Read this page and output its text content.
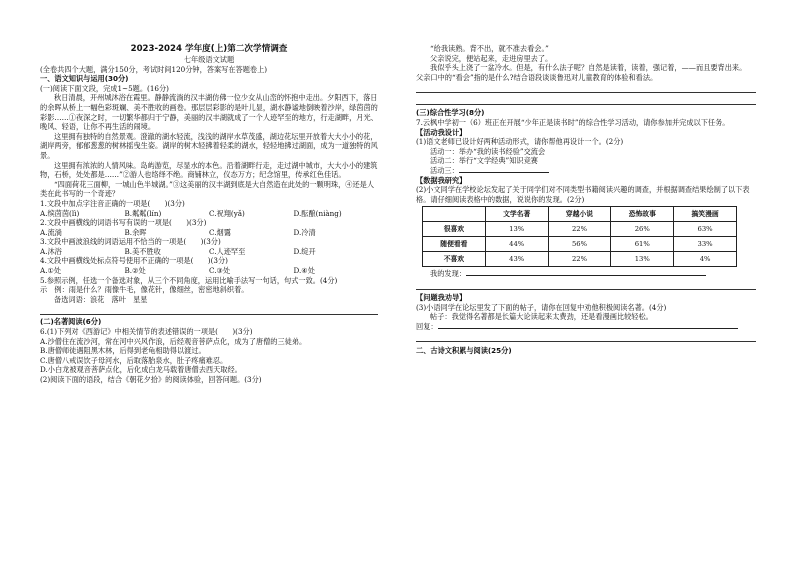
2023-2024 学年度(上)第二次学情调查
七年级语文试题
(全卷共四个大题，满分150分，考试时间120分钟，答案写在答题卷上)
一、语文知识与运用(30分)
(一)阅读下面文段，完成1~5题。(16分)
秋日清晨，开州城沐浴在霞里。静静流淌的汉丰湖仿佛一位少女从山峦的怀抱中走出。夕阳西下，落日的余晖从桥上一幅色彩斑斓、美不胜收的画卷。那层层彩影的是叶儿显，湖水静谧地倒映着沙岸，绿茵茵的彩影……①夜深之时，一切繁华都归于宁静，美丽的汉丰湖就成了一个人迹罕至的地方，行走湖畔，月光、晚风、轻语，让你不再生活的闹境。
这里拥有独特的自然景观。澄澈的湖水轻流，浅浅的湖岸水草茂盛，湖边花坛里开放着大大小小的花，湖岸两旁，郁郁葱葱的树林摇曳生姿。湖岸的树木轻拂着轻柔的湖水，轻轻地拂过湖面，成为一道独特的风景。
这里拥有浓浓的人情风味。岛屿游览，尽显水的本色。沿着湖畔行走，走过湖中城市，大大小小的建筑物，石桥，处处都是……”②游人也络绎不绝。商铺林立，仪态万方；纪念馆里，传承红色佳话。
“四面荷花三面柳，一城山色半城湖。”③这美丽的汉丰湖到底是大自然造在此处的一颗明珠，④还是人类在此书写的一个奇迹？
1.文段中加点字注音正确的一项是(　　)(3分)
A.缤茵茵(lì)	B.粼粼(lín)	C.祝翔(yǎ)	D.酝酿(niàng)
2.文段中画横线的词语书写有误的一项是(　　)(3分)
A.流淌	B.余晖	C.烟霭	D.冷清
3.文段中画波浪线的词语运用不恰当的一项是(　　)(3分)
A.沐浴	B.美不胜收	C.人迹罕至	D.绽开
4.文段中画横线处标点符号使用不正确的一项是(　　)(3分)
A.①处	B.②处	C.③处	D.④处
5.参照示例，任选一个备选对象，从三个不同角度，运用比喻手法写一句话，句式一致。(4分)
示　例：雨是什么？雨像牛毛，像花针，像细丝，密密地斜织着。
备选词语：浪花　落叶　星星
(二)名著阅读(6分)
6.(1)下列对《西游记》中相关情节的表述错误的一项是(　　)(3分)
A.沙僧住在流沙河，常在河中兴风作浪，后经观音菩萨点化，成为了唐僧的三徒弟。
B.唐僧师徒遇阻黑木林，后得到老龟相助得以渡过。
C.唐僧八戒误饮子母河水，后取落胎泉水，肚子疼痛难忍。
D.小白龙被观音菩萨点化，后化成白龙马载着唐僧去西天取经。
(2)阅读下面的语段，结合《朝花夕拾》的阅读体验，回答问题。(3分)
“给我读熟。背不出，就不准去看会。”
父亲说完，便站起来，走进房里去了。
我似乎头上浇了一盆冷水。但是，有什么法子呢？自然是读着，读着，强记着，——而且要背出来。
父亲口中的“看会”指的是什么?结合语段谈谈鲁迅对儿童教育的体验和看法。
(三)综合性学习(8分)
7.云枫中学初一（6）班正在开展“少年正是读书时”的综合性学习活动，请你参加并完成以下任务。
【活动我设计】
(1)语文老师已设计好两种活动形式，请你帮他再设计一个。(2分)
活动一：举办“我的读书经验”交流会
活动二：举行“文学经典”知识竞赛
活动三：
【数据我研究】
(2)小文同学在学校论坛发起了关于同学们对不同类型书籍阅读兴趣的调查，并根据调查结果绘制了以下表格。请仔细阅读表格中的数据，说说你的发现。(2分)
	文学名著	穿越小说	恐怖故事	搞笑漫画
很喜欢	13%	22%	26%	63%
随便看看	44%	56%	61%	33%
不喜欢	43%	22%	13%	4%
我的发现：
【问题我劝导】
(3)小语同学在论坛里发了下面的帖子，请你在回复中劝他积极阅读名著。(4分)
帖子：我觉得名著都是长篇大论读起来太费劲，还是看漫画比较轻松。
回复：
二、古诗文积累与阅读(25分)
